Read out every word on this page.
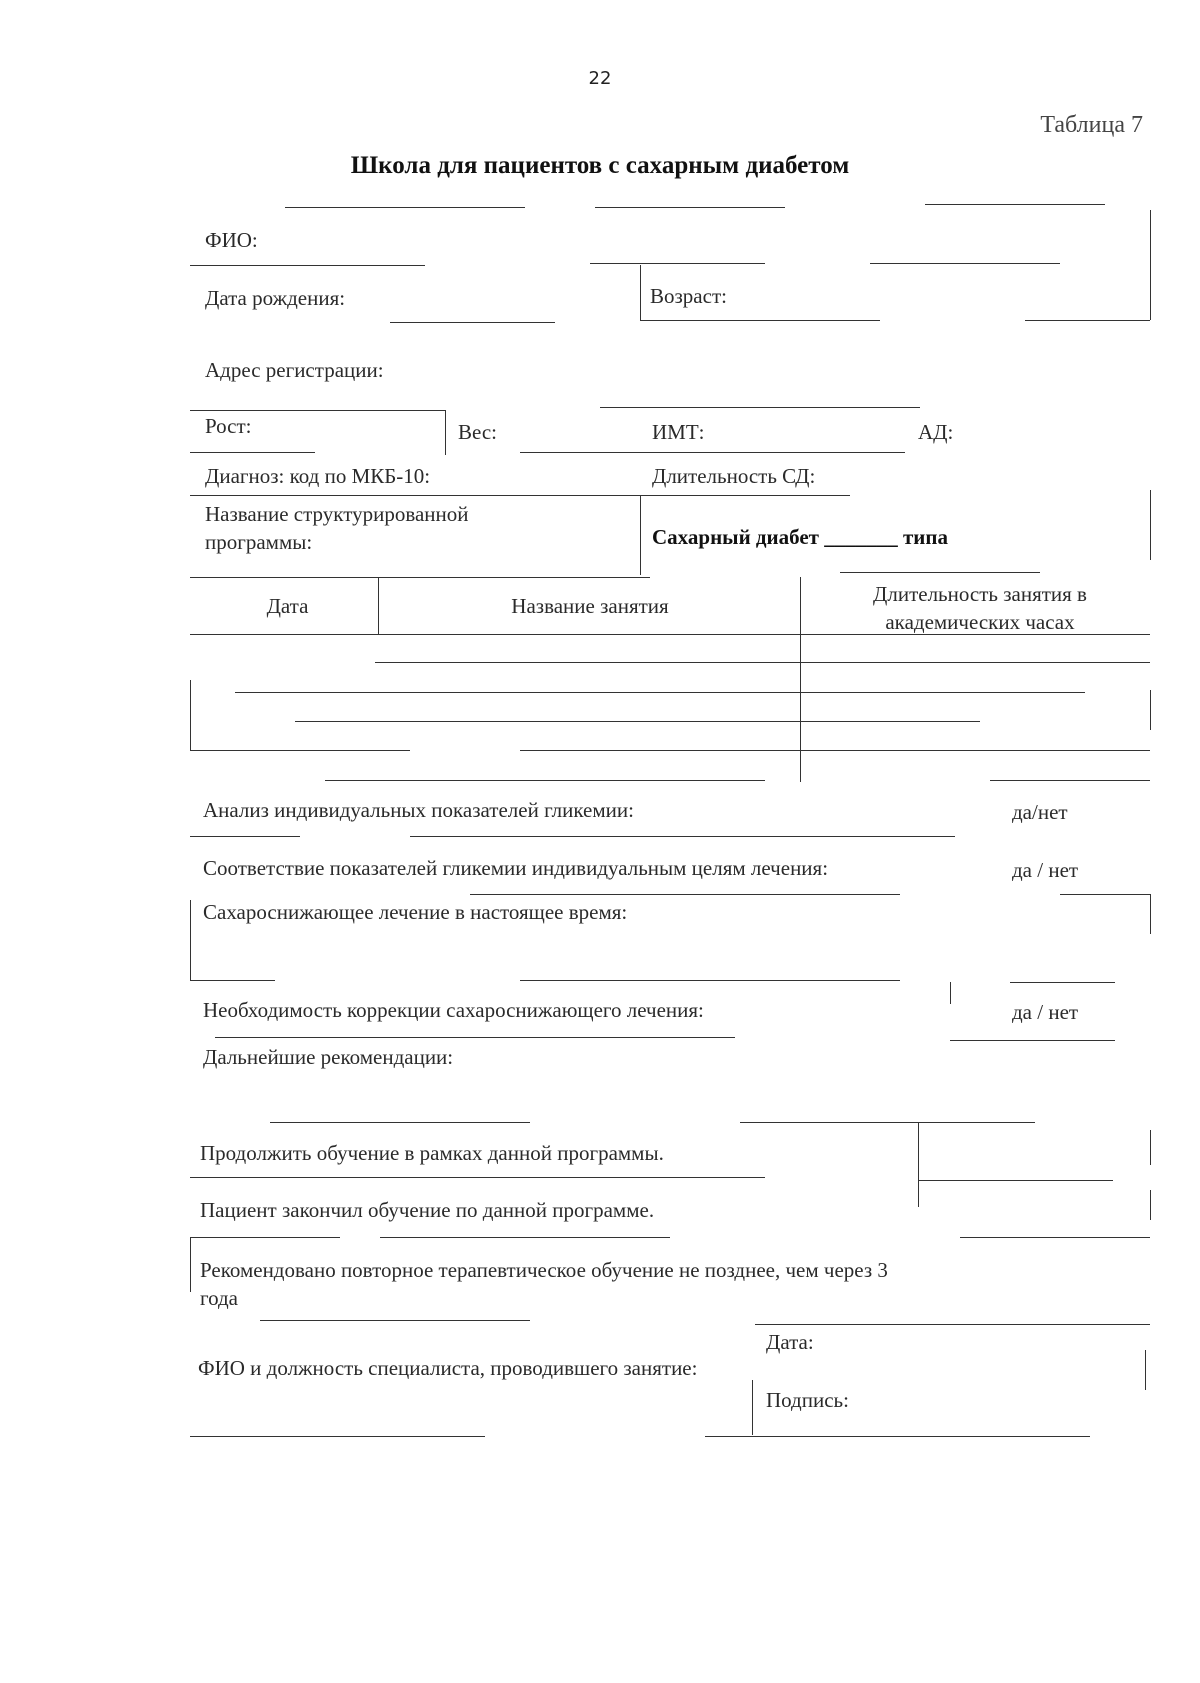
22
Таблица 7
Школа для пациентов с сахарным диабетом
ФИО:
Дата рождения:	Возраст:
Адрес регистрации:
Рост:	Вес:	ИМТ:	АД:
Диагноз: код по МКБ-10:	Длительность СД:
Название структурированной программы:	Сахарный диабет _______ типа
Дата	Название занятия	Длительность занятия в академических часах
Анализ индивидуальных показателей гликемии:	да/нет
Соответствие показателей гликемии индивидуальным целям лечения:	да / нет
Сахароснижающее лечение в настоящее время:
Необходимость коррекции сахароснижающего лечения:	да / нет
Дальнейшие рекомендации:
Продолжить обучение в рамках данной программы.
Пациент закончил обучение по данной программе.
Рекомендовано повторное терапевтическое обучение не позднее, чем через 3 года
ФИО и должность специалиста, проводившего занятие:
Дата:
Подпись:
